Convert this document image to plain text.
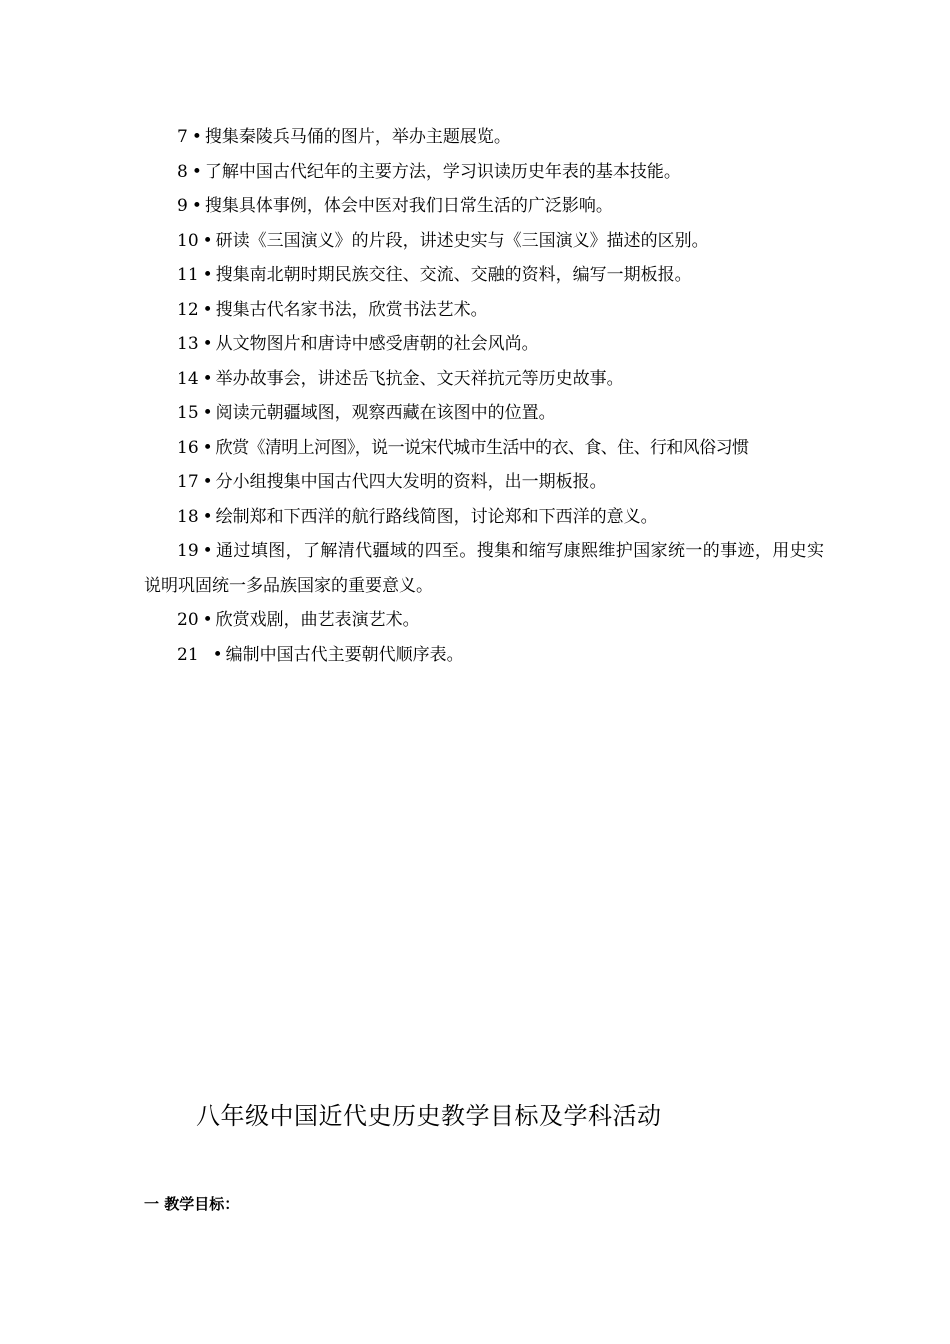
7 • 搜集秦陵兵马俑的图片，举办主题展览。
8 • 了解中国古代纪年的主要方法，学习识读历史年表的基本技能。
9 • 搜集具体事例，体会中医对我们日常生活的广泛影响。
10 • 研读《三国演义》的片段，讲述史实与《三国演义》描述的区别。
11 • 搜集南北朝时期民族交往、交流、交融的资料，编写一期板报。
12 • 搜集古代名家书法，欣赏书法艺术。
13 • 从文物图片和唐诗中感受唐朝的社会风尚。
14 • 举办故事会，讲述岳飞抗金、文天祥抗元等历史故事。
15 • 阅读元朝疆域图，观察西藏在该图中的位置。
16 • 欣赏《清明上河图》，说一说宋代城市生活中的衣、食、住、行和风俗习惯
17 • 分小组搜集中国古代四大发明的资料，出一期板报。
18 • 绘制郑和下西洋的航行路线简图，讨论郑和下西洋的意义。
19 • 通过填图，了解清代疆域的四至。搜集和缩写康熙维护国家统一的事迹，用史实说明巩固统一多品族国家的重要意义。
20 • 欣赏戏剧，曲艺表演艺术。
21 • 编制中国古代主要朝代顺序表。
八年级中国近代史历史教学目标及学科活动
一 教学目标：
